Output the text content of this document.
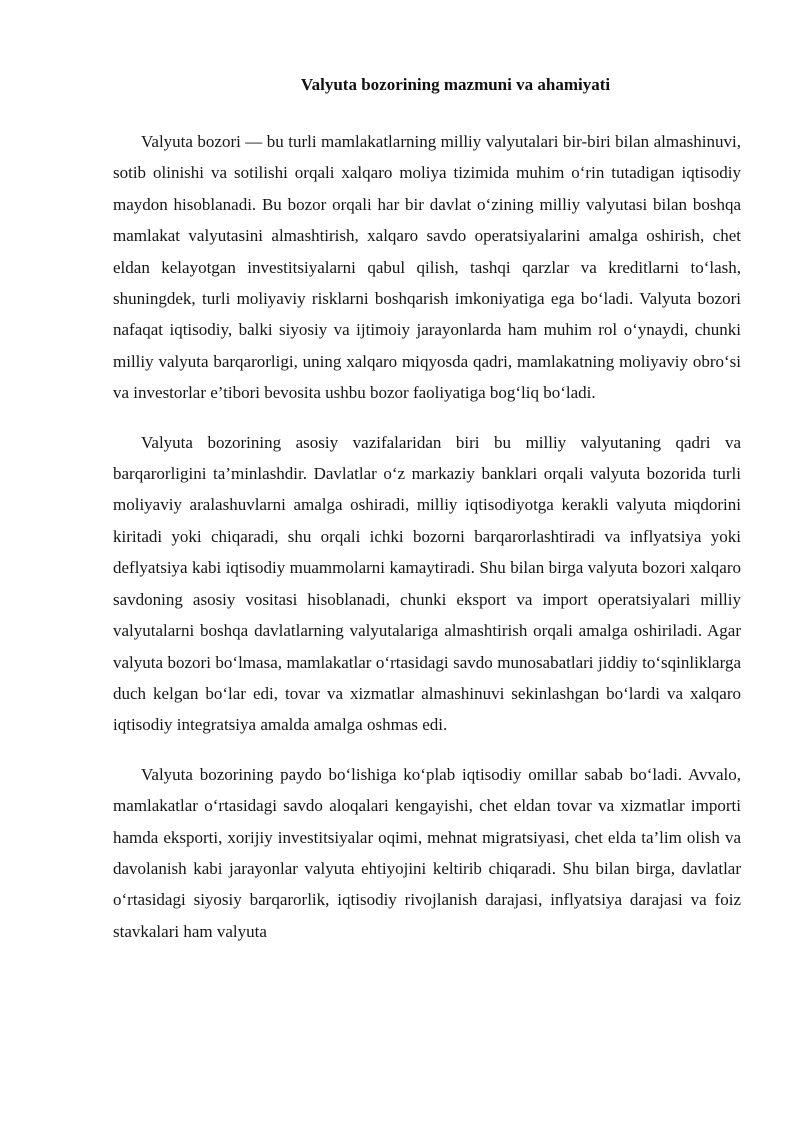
Valyuta bozorining mazmuni va ahamiyati

Valyuta bozori — bu turli mamlakatlarning milliy valyutalari bir-biri bilan almashinuvi, sotib olinishi va sotilishi orqali xalqaro moliya tizimida muhim o‘rin tutadigan iqtisodiy maydon hisoblanadi. Bu bozor orqali har bir davlat o‘zining milliy valyutasi bilan boshqa mamlakat valyutasini almashtirish, xalqaro savdo operatsiyalarini amalga oshirish, chet eldan kelayotgan investitsiyalarni qabul qilish, tashqi qarzlar va kreditlarni to‘lash, shuningdek, turli moliyaviy risklarni boshqarish imkoniyatiga ega bo‘ladi. Valyuta bozori nafaqat iqtisodiy, balki siyosiy va ijtimoiy jarayonlarda ham muhim rol o‘ynaydi, chunki milliy valyuta barqarorligi, uning xalqaro miqyosda qadri, mamlakatning moliyaviy obro‘si va investorlar e’tibori bevosita ushbu bozor faoliyatiga bog‘liq bo‘ladi.

Valyuta bozorining asosiy vazifalaridan biri bu milliy valyutaning qadri va barqarorligini ta’minlashdir. Davlatlar o‘z markaziy banklari orqali valyuta bozorida turli moliyaviy aralashuvlarni amalga oshiradi, milliy iqtisodiyotga kerakli valyuta miqdorini kiritadi yoki chiqaradi, shu orqali ichki bozorni barqarorlashtiradi va inflyatsiya yoki deflyatsiya kabi iqtisodiy muammolarni kamaytiradi. Shu bilan birga valyuta bozori xalqaro savdoning asosiy vositasi hisoblanadi, chunki eksport va import operatsiyalari milliy valyutalarni boshqa davlatlarning valyutalariga almashtirish orqali amalga oshiriladi. Agar valyuta bozori bo‘lmasa, mamlakatlar o‘rtasidagi savdo munosabatlari jiddiy to‘sqinliklarga duch kelgan bo‘lar edi, tovar va xizmatlar almashinuvi sekinlashgan bo‘lardi va xalqaro iqtisodiy integratsiya amalda amalga oshmas edi.

Valyuta bozorining paydo bo‘lishiga ko‘plab iqtisodiy omillar sabab bo‘ladi. Avvalo, mamlakatlar o‘rtasidagi savdo aloqalari kengayishi, chet eldan tovar va xizmatlar importi hamda eksporti, xorijiy investitsiyalar oqimi, mehnat migratsiyasi, chet elda ta’lim olish va davolanish kabi jarayonlar valyuta ehtiyojini keltirib chiqaradi. Shu bilan birga, davlatlar o‘rtasidagi siyosiy barqarorlik, iqtisodiy rivojlanish darajasi, inflyatsiya darajasi va foiz stavkalari ham valyuta
